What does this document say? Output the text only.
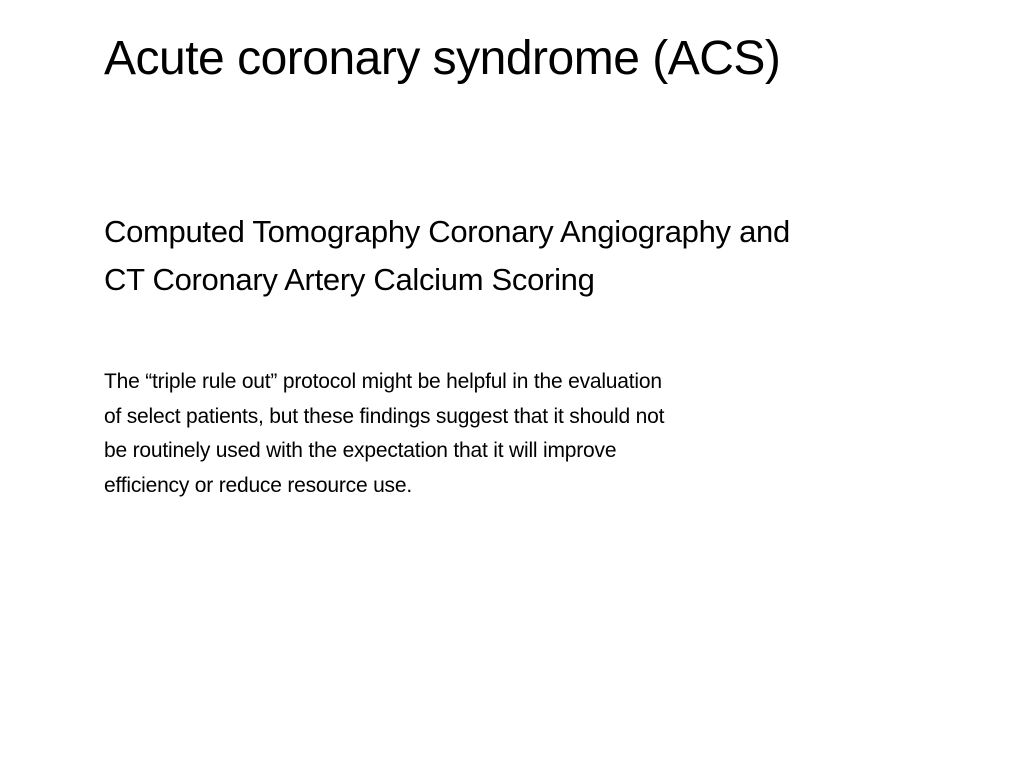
Acute coronary syndrome (ACS)
Computed Tomography Coronary Angiography and
CT Coronary Artery Calcium Scoring
The “triple rule out” protocol might be helpful in the evaluation
of select patients, but these findings suggest that it should not
be routinely used with the expectation that it will improve
efficiency or reduce resource use.
